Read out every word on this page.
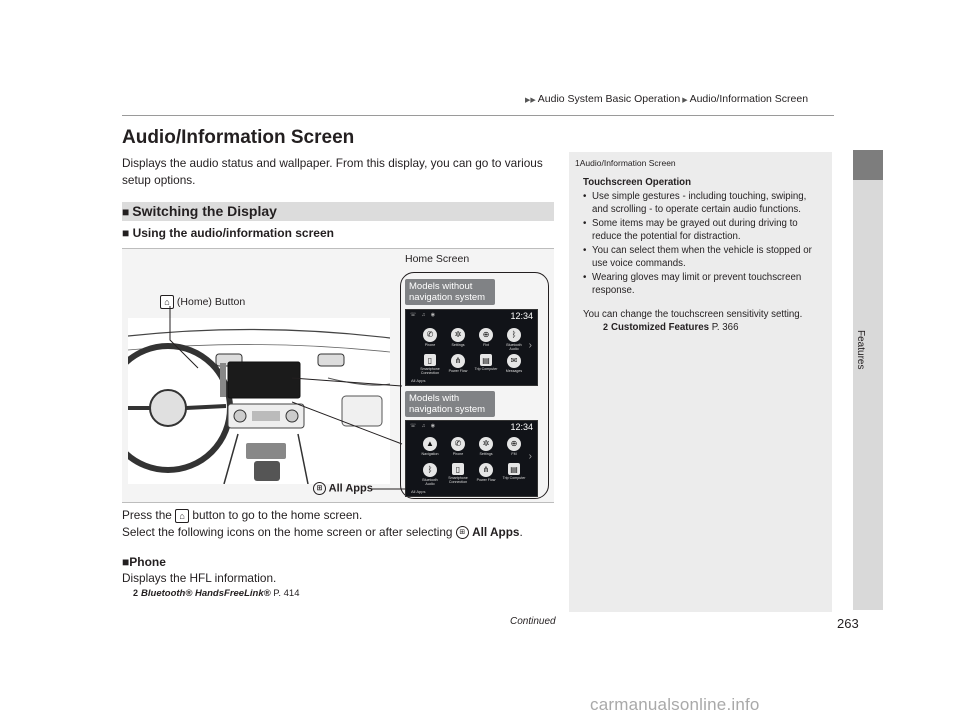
▶▶ Audio System Basic Operation ▶ Audio/Information Screen
Features
Audio/Information Screen
Displays the audio status and wallpaper. From this display, you can go to various setup options.
■ Switching the Display
■ Using the audio/information screen
Home Screen
⌂ (Home) Button
Models without navigation system
Models with navigation system
☏ ♫ ◉	12:34
✆
Phone
✲
Settings
⊕
Fixt
ᛒ
Bluetooth Audio
▯
Smartphone Connection
⋔
Power Flow
▤
Trip Computer
✉
Messages
›
All Apps
☏ ♫ ◉	12:34
▲
Navigation
✆
Phone
✲
Settings
⊕
FM
ᛒ
Bluetooth Audio
▯
Smartphone Connection
⋔
Power Flow
▤
Trip Computer
›
All Apps
⊞ All Apps
Press the ⌂ button to go to the home screen.
Select the following icons on the home screen or after selecting ⊞ All Apps.
■Phone
Displays the HFL information.
2 Bluetooth® HandsFreeLink® P. 414
1Audio/Information Screen
Touchscreen Operation
• Use simple gestures - including touching, swiping, and scrolling - to operate certain audio functions.
• Some items may be grayed out during driving to reduce the potential for distraction.
• You can select them when the vehicle is stopped or use voice commands.
• Wearing gloves may limit or prevent touchscreen response.
You can change the touchscreen sensitivity setting.
2 Customized Features P. 366
Continued	263
carmanualsonline.info
